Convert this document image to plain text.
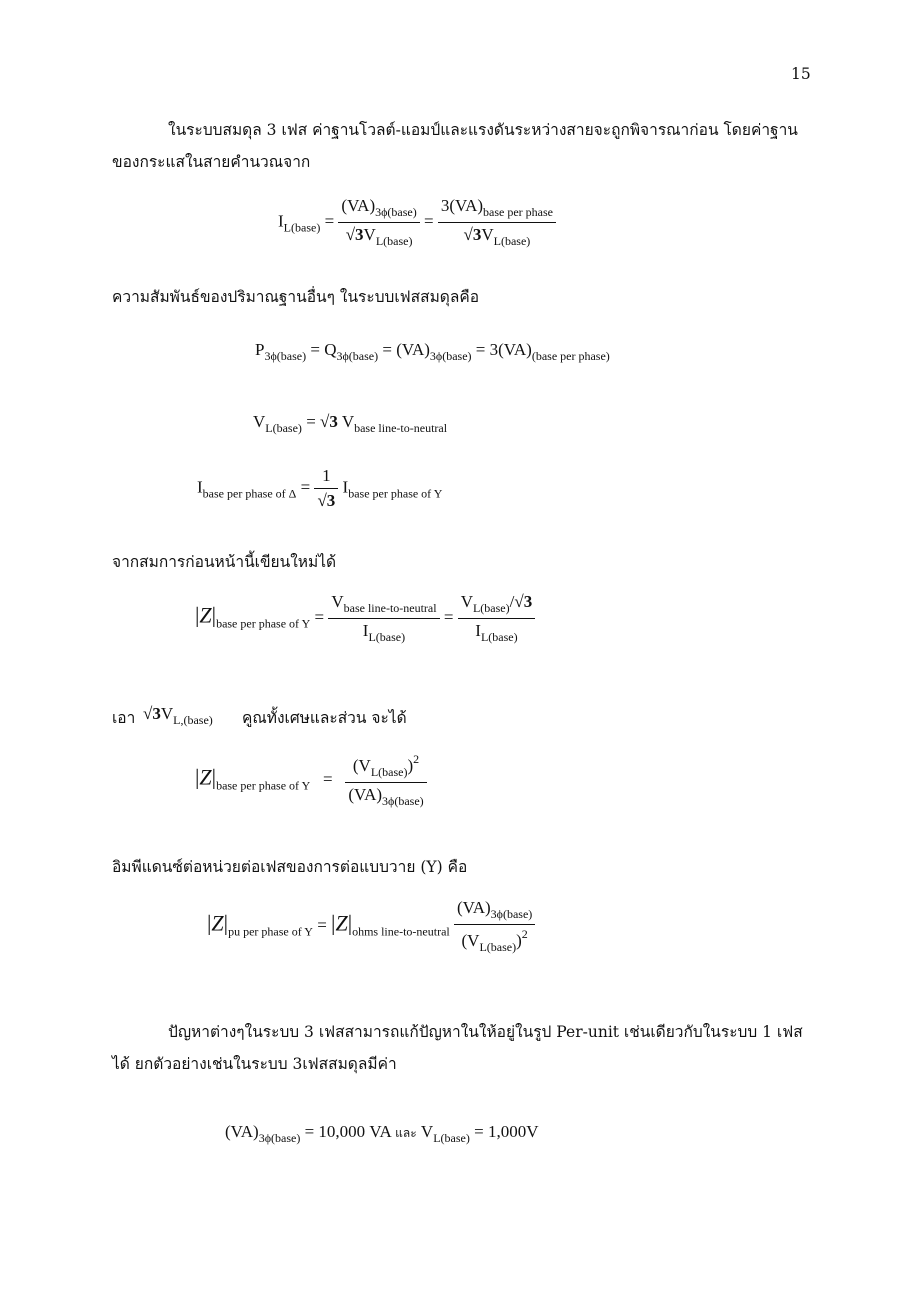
15
ในระบบสมดุล 3 เฟส ค่าฐานโวลต์-แอมป์และแรงดันระหว่างสายจะถูกพิจารณาก่อน โดยค่าฐาน
ของกระแสในสายคำนวณจาก
$I_{L(base)} = \frac{(VA)_{3\phi(base)}}{√3V_{L(base)}} = \frac{3(VA)_{base per phase}}{√3V_{L(base)}}$
ความสัมพันธ์ของปริมาณฐานอื่นๆ ในระบบเฟสสมดุลคือ
$P_{3\phi(base)} = Q_{3\phi(base)} = (VA)_{3\phi(base)} = 3(VA)_{(base per phase)}$
$V_{L(base)} = √3$ $V_{base line-to-neutral}$
$I_{base per phase of \Delta} = \frac{1}{√3} I_{base per phase of Y}$
จากสมการก่อนหน้านี้เขียนใหม่ได้
$|Z|_{base per phase of Y} = \frac{V_{base line-to-neutral}}{I_{L(base)}} = \frac{V_{L(base)}/√3}{I_{L(base)}}$
เอา $√3V_{L,(base)}$ คูณทั้งเศษและส่วน จะได้
$|Z|_{base per phase of Y} = \frac{(V_{L(base)})^2}{(VA)_{3\phi(base)}}$
อิมพีแดนซ์ต่อหน่วยต่อเฟสของการต่อแบบวาย (Y) คือ
$|Z|_{pu per phase of Y} = |Z|_{ohms line-to-neutral} \frac{(VA)_{3\phi(base)}}{(V_{L(base)})^2}$
ปัญหาต่างๆในระบบ 3 เฟสสามารถแก้ปัญหาในให้อยู่ในรูป Per-unit เช่นเดียวกับในระบบ 1 เฟส
ได้ ยกตัวอย่างเช่นในระบบ 3เฟสสมดุลมีค่า
$(VA)_{3\phi(base)} = 10,000$ VA และ $V_{L(base)} = 1,000V$
